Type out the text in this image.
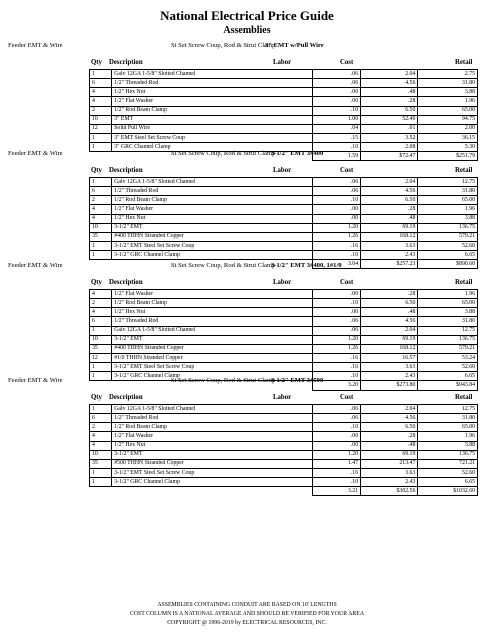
National Electrical Price Guide
Assemblies
Feeder EMT & Wire	St Set Screw Coup, Rod & Strut Clamp
3" EMT w/Pull Wire
Qty Description	Labor	Cost	Retail
1	Galv 12GA 1-5/8" Slotted Channel	.06	2.04	2.75
6	1/2" Threaded Rod	.06	4.56	31.80
4	1/2" Hex Nut	.00	.48	3.88
4	1/2" Flat Washer	.00	.28	1.96
2	1/2" Rod Beam Clamp	.10	6.50	65.00
10	3" EMT	1.00	52.40	94.75
12	Solid Pull Wire	.04	.61	2.00
1	3" EMT Steel Set Screw Coup	.15	3.52	36.15
1	3" GRC Channel Clamp	.10	2.08	5.30
		1.59	$72.47	$251.79
Feeder EMT & Wire	St Set Screw Coup, Rod & Strut Clamp
3-1/2" EMT 3#400
Qty Description	Labor	Cost	Retail
1	Galv 12GA 1-5/8" Slotted Channel	.06	2.04	12.75
6	1/2" Threaded Rod	.06	4.56	31.80
2	1/2" Rod Beam Clamp	.10	6.50	65.00
4	1/2" Flat Washer	.00	.28	1.96
4	1/2" Hex Nut	.00	.48	3.88
10	3-1/2" EMT	1.20	69.19	136.75
35	#400 THHN Stranded Copper	1.26	168.12	579.21
1	3-1/2" EMT Steel Set Screw Coup	.16	3.63	52.60
1	3-1/2" GRC Channel Clamp	.10	2.43	6.65
		3.04	$257.23	$890.60
Feeder EMT & Wire	St Set Screw Coup, Rod & Strut Clamp
3-1/2" EMT 3#400, 1#1/0
Qty Description	Labor	Cost	Retail
4	1/2" Flat Washer	.00	.28	1.96
2	1/2" Rod Beam Clamp	.10	6.50	65.00
4	1/2" Hex Nut	.00	.48	3.88
6	1/2" Threaded Rod	.06	4.56	31.80
1	Galv 12GA 1-5/8" Slotted Channel	.06	2.04	12.75
10	3-1/2" EMT	1.20	69.19	136.75
35	#400 THHN Stranded Copper	1.26	168.12	579.21
12	#1/0 THHN Stranded Copper	.16	16.57	53.24
1	3-1/2" EMT Steel Set Screw Coup	.16	3.63	52.60
1	3-1/2" GRC Channel Clamp	.10	2.43	6.65
		3.20	$273.80	$943.84
Feeder EMT & Wire	St Set Screw Coup, Rod & Strut Clamp
3-1/2" EMT 3#500
Qty Description	Labor	Cost	Retail
1	Galv 12GA 1-5/8" Slotted Channel	.06	2.04	12.75
6	1/2" Threaded Rod	.06	4.56	31.80
2	1/2" Rod Beam Clamp	.10	6.50	65.00
4	1/2" Flat Washer	.00	.28	1.96
4	1/2" Hex Nut	.00	.48	3.88
10	3-1/2" EMT	1.20	69.19	136.75
35	#500 THHN Stranded Copper	1.47	213.47	721.21
1	3-1/2" EMT Steel Set Screw Coup	.16	3.63	52.60
1	3-1/2" GRC Channel Clamp	.10	2.43	6.65
		3.21	$302.56	$1032.60
ASSEMBLIES CONTAINING CONDUIT ARE BASED ON 10' LENGTHS
COST COLUMN IS A NATIONAL AVERAGE AND SHOULD BE VERIFIED FOR YOUR AREA
COPYRIGHT @ 1996-2019 by ELECTRICAL RESOURCES, INC.
